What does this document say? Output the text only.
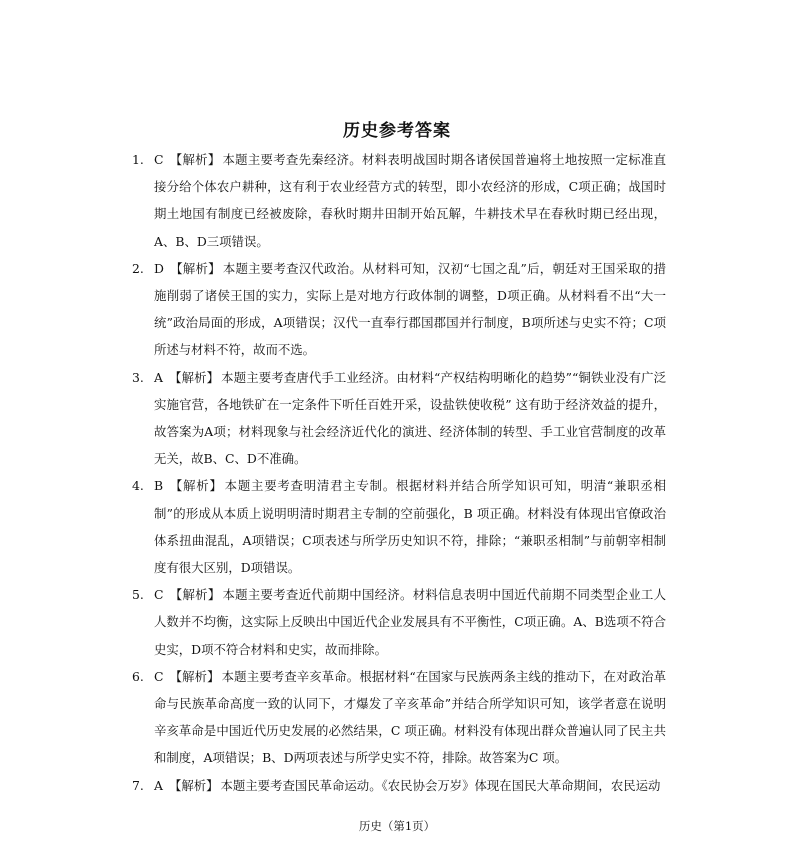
历史参考答案
1. C 【解析】 本题主要考查先秦经济。材料表明战国时期各诸侯国普遍将土地按照一定标准直接分给个体农户耕种，这有利于农业经营方式的转型，即小农经济的形成，C项正确；战国时期土地国有制度已经被废除，春秋时期井田制开始瓦解，牛耕技术早在春秋时期已经出现，A、B、D三项错误。
2. D 【解析】 本题主要考查汉代政治。从材料可知，汉初“七国之乱”后，朝廷对王国采取的措施削弱了诸侯王国的实力，实际上是对地方行政体制的调整，D项正确。从材料看不出“大一统”政治局面的形成，A项错误；汉代一直奉行郡国郡国并行制度，B项所述与史实不符；C项所述与材料不符，故而不选。
3. A 【解析】 本题主要考查唐代手工业经济。由材料“产权结构明晰化的趋势”“铜铁业没有广泛实施官营，各地铁矿在一定条件下听任百姓开采，设盐铁使收税” 这有助于经济效益的提升，故答案为A项；材料现象与社会经济近代化的演进、经济体制的转型、手工业官营制度的改革无关，故B、C、D不准确。
4. B 【解析】 本题主要考查明清君主专制。根据材料并结合所学知识可知，明清“兼职丞相制”的形成从本质上说明明清时期君主专制的空前强化，B 项正确。材料没有体现出官僚政治体系扭曲混乱，A项错误；C项表述与所学历史知识不符，排除；“兼职丞相制”与前朝宰相制度有很大区别，D项错误。
5. C 【解析】 本题主要考查近代前期中国经济。材料信息表明中国近代前期不同类型企业工人人数并不均衡，这实际上反映出中国近代企业发展具有不平衡性，C项正确。A、B选项不符合史实，D项不符合材料和史实，故而排除。
6. C 【解析】 本题主要考查辛亥革命。根据材料“在国家与民族两条主线的推动下，在对政治革命与民族革命高度一致的认同下，才爆发了辛亥革命”并结合所学知识可知，该学者意在说明辛亥革命是中国近代历史发展的必然结果，C 项正确。材料没有体现出群众普遍认同了民主共和制度，A项错误；B、D两项表述与所学史实不符，排除。故答案为C 项。
7. A 【解析】 本题主要考查国民革命运动。《农民协会万岁》体现在国民大革命期间，农民运动
历史（第1页）
